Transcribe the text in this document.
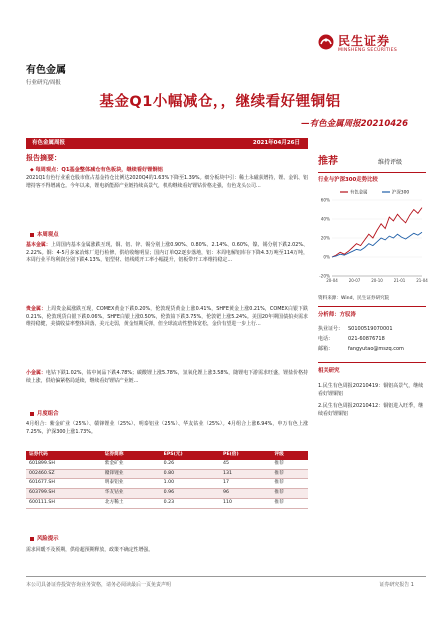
民生证券
MINSHENG SECURITIES
有色金属
行业研究/周报
基金Q1小幅减仓，，继续看好锂铜铝
—有色金属周报20210426
有色金属周报	2021年04月26日
报告摘要：
◆ 每周观点：Q1基金整体减仓有色板块，继续看好锂铜铝
2021Q1有色行业重仓股市值占基金持仓比例达2020Q4的1.63%下降至1.39%。细分板块中引：稀土永磁获增持，锂、金钒、铝增持客不得增减仓。今年以来，锂电新能源产业链持续高景气，机构继续看好锂钴价格走强，有色龙头公司…
本周观点
基本金属：上周国内基本金属涨跌互现，铜、铝、锌、锡分别上涨0.90%、0.80%、2.14%、0.60%，镍、锡分别下跌2.02%、2.22%。铜：4-5月多家冶炼厂进行检修，供给收缩明显；国内订单Q2逐步落地，铝：本周电解铝库存下降4.3万吨至114万吨，本周行业平均利润分别下跌4.13%，铝型材、铝线缆开工率小幅提升，铝板带开工率维持稳定…
贵金属：上周贵金属涨跌互现，COMEX黄金下跌0.20%，伦敦现货黄金上涨0.41%，SHFE黄金上涨0.21%，COMEX白银下跌0.21%，伦敦现货白银下跌0.06%，SHFE白银上涨0.50%，伦敦铂下跌3.75%，伦敦钯上涨5.24%。美国20年期国债拍卖需求维持稳健，美债收益率整体回落，美元走弱，黄金短期反弹，但全球流动性整体宽松，金价有望进一步上行…
小金属：电钴下跌1.02%，钴中间品下跌4.78%；碳酸锂上涨5.78%，氢氧化锂上涨3.58%，随锂电下游需求旺盛，锂盐价格持续上涨，供给偏紧格局延续，继续看好锂钴产业链…
月度组合
4月组合：紫金矿业（25%）、赣锋锂业（25%）、明泰铝业（25%）、华友钴业（25%）。4月组合上涨6.94%，申万有色上涨7.25%，沪深300上涨1.73%。
证券代码	证券简称	EPS(元)	PE(倍)	评级
601899.SH	紫金矿业	0.26	45	推荐
002460.SZ	赣锋锂业	0.80	131	推荐
601677.SH	明泰铝业	1.00	17	推荐
603799.SH	华友钴业	0.96	96	推荐
600111.SH	北方稀土	0.23	110	推荐
风险提示
需求回暖不及预期，供给超预期释放，政策不确定性增强。
推荐	维持评级
行业与沪深300走势比较
-20%
0%
20%
40%
60%
20-04	20-07	20-10	21-01	21-04
有色金属	沪深300
资料来源：Wind，民生证券研究院
分析师：方驭涛
执业证号： S0100519070001
电话：	021-60876718
邮箱：	fangyutao@mszq.com
相关研究
1.民生有色周报20210419：铜铝高景气，继续看好锂铜铝
2.民生有色周报20210412：铜铝进入旺季，继续看好锂铜铝
本公司具备证券投资咨询业务资格，请务必阅读最后一页免责声明	证券研究报告 1
